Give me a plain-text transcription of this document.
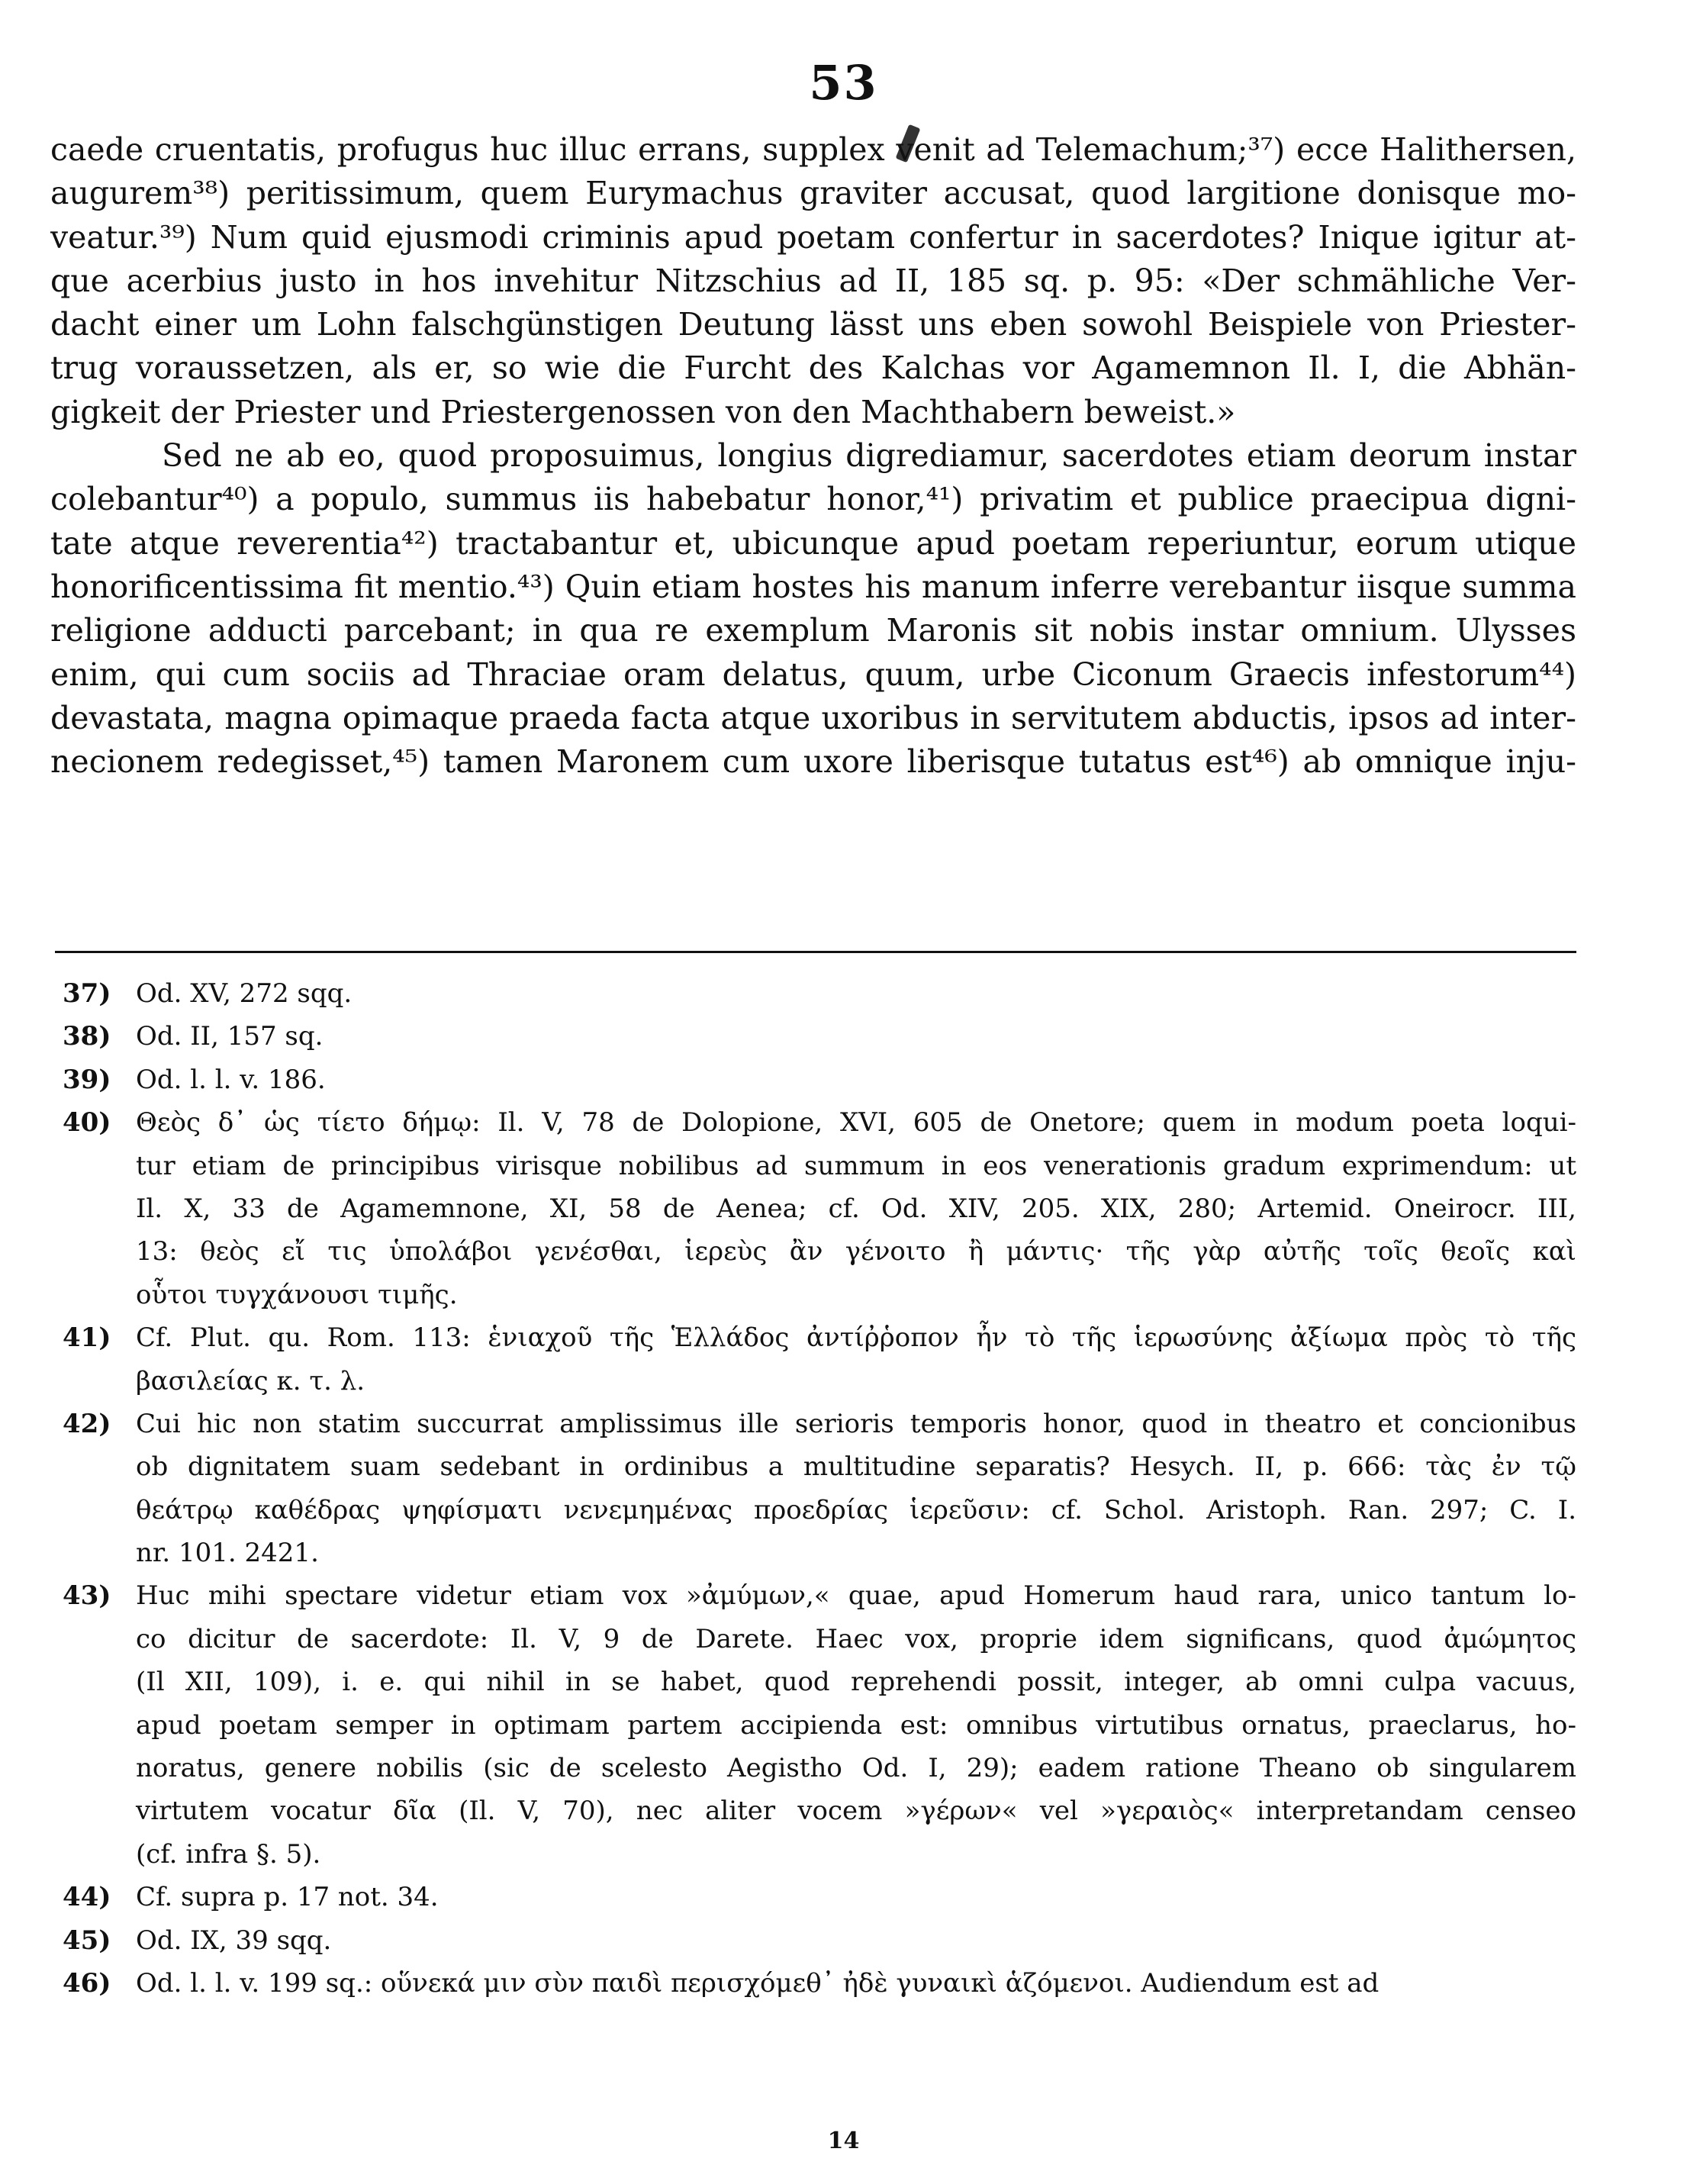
53
caede cruentatis, profugus huc illuc errans, supplex venit ad Telemachum;³⁷) ecce Halithersen,
augurem³⁸) peritissimum, quem Eurymachus graviter accusat, quod largitione donisque mo-
veatur.³⁹) Num quid ejusmodi criminis apud poetam confertur in sacerdotes? Inique igitur at-
que acerbius justo in hos invehitur Nitzschius ad II, 185 sq. p. 95: «Der schmähliche Ver-
dacht einer um Lohn falschgünstigen Deutung lässt uns eben sowohl Beispiele von Priester-
trug voraussetzen, als er, so wie die Furcht des Kalchas vor Agamemnon Il. I, die Abhän-
gigkeit der Priester und Priestergenossen von den Machthabern beweist.»
Sed ne ab eo, quod proposuimus, longius digrediamur, sacerdotes etiam deorum instar
colebantur⁴⁰) a populo, summus iis habebatur honor,⁴¹) privatim et publice praecipua digni-
tate atque reverentia⁴²) tractabantur et, ubicunque apud poetam reperiuntur, eorum utique
honorificentissima fit mentio.⁴³) Quin etiam hostes his manum inferre verebantur iisque summa
religione adducti parcebant; in qua re exemplum Maronis sit nobis instar omnium. Ulysses
enim, qui cum sociis ad Thraciae oram delatus, quum, urbe Ciconum Graecis infestorum⁴⁴)
devastata, magna opimaque praeda facta atque uxoribus in servitutem abductis, ipsos ad inter-
necionem redegisset,⁴⁵) tamen Maronem cum uxore liberisque tutatus est⁴⁶) ab omnique inju-
37) Od. XV, 272 sqq.
38) Od. II, 157 sq.
39) Od. l. l. v. 186.
40) Θεὸς δ᾽ ὡς τίετο δήμῳ: Il. V, 78 de Dolopione, XVI, 605 de Onetore; quem in modum poeta loqui-
tur etiam de principibus virisque nobilibus ad summum in eos venerationis gradum exprimendum: ut
Il. X, 33 de Agamemnone, XI, 58 de Aenea; cf. Od. XIV, 205. XIX, 280; Artemid. Oneirocr. III,
13: θεὸς εἴ τις ὑπολάβοι γενέσθαι, ἱερεὺς ἂν γένοιτο ἢ μάντις· τῆς γὰρ αὐτῆς τοῖς θεοῖς καὶ
οὗτοι τυγχάνουσι τιμῆς.
41) Cf. Plut. qu. Rom. 113: ἑνιαχοῦ τῆς Ἑλλάδος ἀντίῤῥοπον ἦν τὸ τῆς ἱερωσύνης ἀξίωμα πρὸς τὸ τῆς
βασιλείας κ. τ. λ.
42) Cui hic non statim succurrat amplissimus ille serioris temporis honor, quod in theatro et concionibus
ob dignitatem suam sedebant in ordinibus a multitudine separatis? Hesych. II, p. 666: τὰς ἐν τῷ
θεάτρῳ καθέδρας ψηφίσματι νενεμημένας προεδρίας ἱερεῦσιν: cf. Schol. Aristoph. Ran. 297; C. I.
nr. 101. 2421.
43) Huc mihi spectare videtur etiam vox »ἀμύμων,« quae, apud Homerum haud rara, unico tantum lo-
co dicitur de sacerdote: Il. V, 9 de Darete. Haec vox, proprie idem significans, quod ἀμώμητος
(Il XII, 109), i. e. qui nihil in se habet, quod reprehendi possit, integer, ab omni culpa vacuus,
apud poetam semper in optimam partem accipienda est: omnibus virtutibus ornatus, praeclarus, ho-
noratus, genere nobilis (sic de scelesto Aegistho Od. I, 29); eadem ratione Theano ob singularem
virtutem vocatur δῖα (Il. V, 70), nec aliter vocem »γέρων« vel »γεραιὸς« interpretandam censeo
(cf. infra §. 5).
44) Cf. supra p. 17 not. 34.
45) Od. IX, 39 sqq.
46) Od. l. l. v. 199 sq.: οὕνεκά μιν σὺν παιδὶ περισχόμεθ᾽ ἠδὲ γυναικὶ ἁζόμενοι. Audiendum est ad
14
